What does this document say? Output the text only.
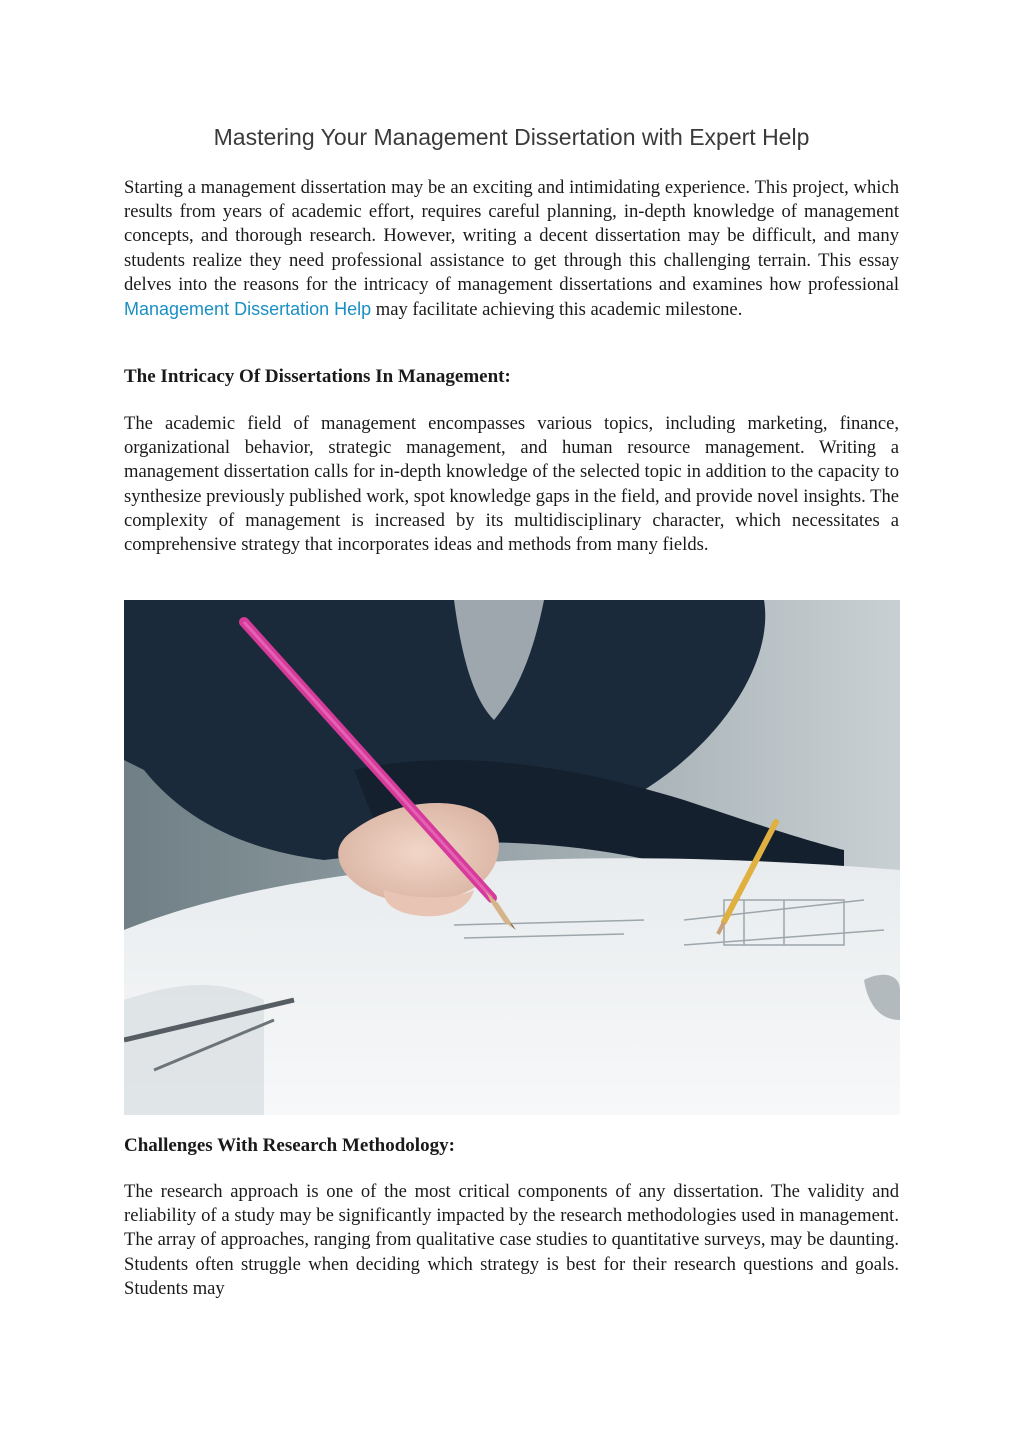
Mastering Your Management Dissertation with Expert Help

Starting a management dissertation may be an exciting and intimidating experience. This project, which results from years of academic effort, requires careful planning, in-depth knowledge of management concepts, and thorough research. However, writing a decent dissertation may be difficult, and many students realize they need professional assistance to get through this challenging terrain. This essay delves into the reasons for the intricacy of management dissertations and examines how professional Management Dissertation Help may facilitate achieving this academic milestone.

The Intricacy Of Dissertations In Management:

The academic field of management encompasses various topics, including marketing, finance, organizational behavior, strategic management, and human resource management. Writing a management dissertation calls for in-depth knowledge of the selected topic in addition to the capacity to synthesize previously published work, spot knowledge gaps in the field, and provide novel insights. The complexity of management is increased by its multidisciplinary character, which necessitates a comprehensive strategy that incorporates ideas and methods from many fields.

Challenges With Research Methodology:

The research approach is one of the most critical components of any dissertation. The validity and reliability of a study may be significantly impacted by the research methodologies used in management. The array of approaches, ranging from qualitative case studies to quantitative surveys, may be daunting. Students often struggle when deciding which strategy is best for their research questions and goals. Students may
